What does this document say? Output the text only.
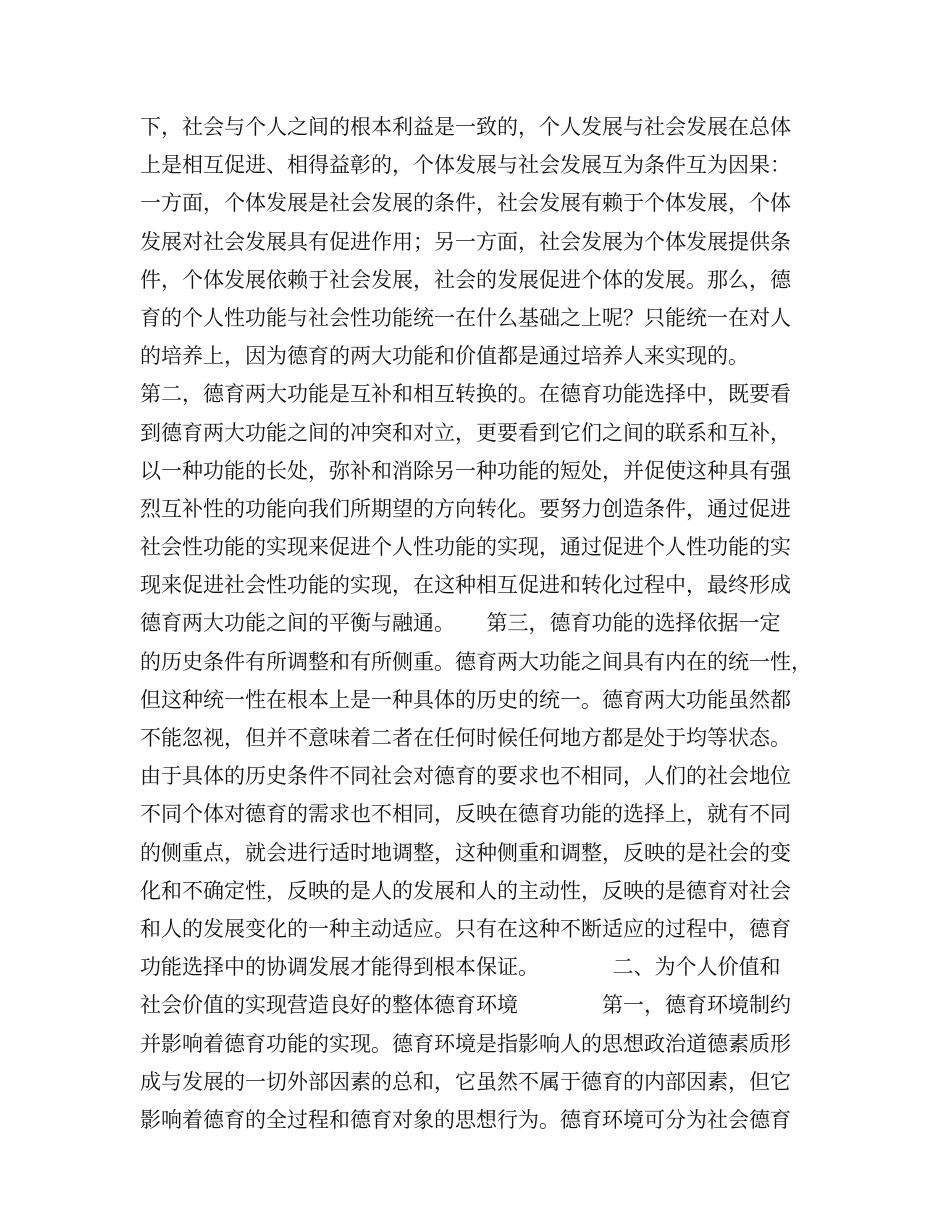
下，社会与个人之间的根本利益是一致的，个人发展与社会发展在总体
上是相互促进、相得益彰的，个体发展与社会发展互为条件互为因果：
一方面，个体发展是社会发展的条件，社会发展有赖于个体发展，个体
发展对社会发展具有促进作用；另一方面，社会发展为个体发展提供条
件，个体发展依赖于社会发展，社会的发展促进个体的发展。那么，德
育的个人性功能与社会性功能统一在什么基础之上呢？只能统一在对人
的培养上，因为德育的两大功能和价值都是通过培养人来实现的。
第二，德育两大功能是互补和相互转换的。在德育功能选择中，既要看
到德育两大功能之间的冲突和对立，更要看到它们之间的联系和互补，
以一种功能的长处，弥补和消除另一种功能的短处，并促使这种具有强
烈互补性的功能向我们所期望的方向转化。要努力创造条件，通过促进
社会性功能的实现来促进个人性功能的实现，通过促进个人性功能的实
现来促进社会性功能的实现，在这种相互促进和转化过程中，最终形成
德育两大功能之间的平衡与融通。　　第三，德育功能的选择依据一定
的历史条件有所调整和有所侧重。德育两大功能之间具有内在的统一性，
但这种统一性在根本上是一种具体的历史的统一。德育两大功能虽然都
不能忽视，但并不意味着二者在任何时候任何地方都是处于均等状态。
由于具体的历史条件不同社会对德育的要求也不相同，人们的社会地位
不同个体对德育的需求也不相同，反映在德育功能的选择上，就有不同
的侧重点，就会进行适时地调整，这种侧重和调整，反映的是社会的变
化和不确定性，反映的是人的发展和人的主动性，反映的是德育对社会
和人的发展变化的一种主动适应。只有在这种不断适应的过程中，德育
功能选择中的协调发展才能得到根本保证。　　　　二、为个人价值和
社会价值的实现营造良好的整体德育环境　　　　第一，德育环境制约
并影响着德育功能的实现。德育环境是指影响人的思想政治道德素质形
成与发展的一切外部因素的总和，它虽然不属于德育的内部因素，但它
影响着德育的全过程和德育对象的思想行为。德育环境可分为社会德育
